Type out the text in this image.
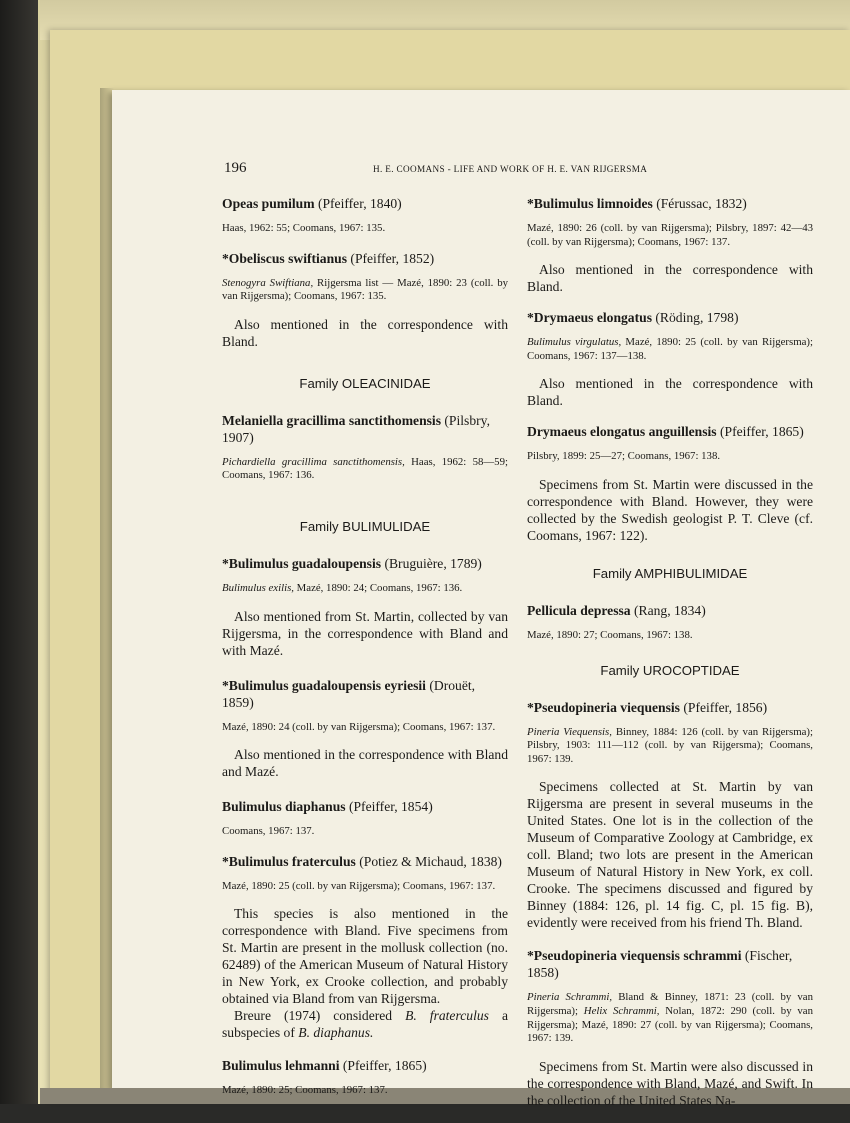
196	H. E. COOMANS - LIFE AND WORK OF H. E. VAN RIJGERSMA
Opeas pumilum (Pfeiffer, 1840)
Haas, 1962: 55; Coomans, 1967: 135.
*Obeliscus swiftianus (Pfeiffer, 1852)
Stenogyra Swiftiana, Rijgersma list — Mazé, 1890: 23 (coll. by van Rijgersma); Coomans, 1967: 135.
Also mentioned in the correspondence with Bland.
Family OLEACINIDAE
Melaniella gracillima sanctithomensis (Pilsbry, 1907)
Pichardiella gracillima sanctithomensis, Haas, 1962: 58—59; Coomans, 1967: 136.
Family BULIMULIDAE
*Bulimulus guadaloupensis (Bruguière, 1789)
Bulimulus exilis, Mazé, 1890: 24; Coomans, 1967: 136.
Also mentioned from St. Martin, collected by van Rijgersma, in the correspondence with Bland and with Mazé.
*Bulimulus guadaloupensis eyriesii (Drouët, 1859)
Mazé, 1890: 24 (coll. by van Rijgersma); Coomans, 1967: 137.
Also mentioned in the correspondence with Bland and Mazé.
Bulimulus diaphanus (Pfeiffer, 1854)
Coomans, 1967: 137.
*Bulimulus fraterculus (Potiez & Michaud, 1838)
Mazé, 1890: 25 (coll. by van Rijgersma); Coomans, 1967: 137.
This species is also mentioned in the correspondence with Bland. Five specimens from St. Martin are present in the mollusk collection (no. 62489) of the American Museum of Natural History in New York, ex Crooke collection, and probably obtained via Bland from van Rijgersma.
Breure (1974) considered B. fraterculus a subspecies of B. diaphanus.
Bulimulus lehmanni (Pfeiffer, 1865)
Mazé, 1890: 25; Coomans, 1967: 137.
*Bulimulus limnoides (Férussac, 1832)
Mazé, 1890: 26 (coll. by van Rijgersma); Pilsbry, 1897: 42—43 (coll. by van Rijgersma); Coomans, 1967: 137.
Also mentioned in the correspondence with Bland.
*Drymaeus elongatus (Röding, 1798)
Bulimulus virgulatus, Mazé, 1890: 25 (coll. by van Rijgersma); Coomans, 1967: 137—138.
Also mentioned in the correspondence with Bland.
Drymaeus elongatus anguillensis (Pfeiffer, 1865)
Pilsbry, 1899: 25—27; Coomans, 1967: 138.
Specimens from St. Martin were discussed in the correspondence with Bland. However, they were collected by the Swedish geologist P. T. Cleve (cf. Coomans, 1967: 122).
Family AMPHIBULIMIDAE
Pellicula depressa (Rang, 1834)
Mazé, 1890: 27; Coomans, 1967: 138.
Family UROCOPTIDAE
*Pseudopineria viequensis (Pfeiffer, 1856)
Pineria Viequensis, Binney, 1884: 126 (coll. by van Rijgersma); Pilsbry, 1903: 111—112 (coll. by van Rijgersma); Coomans, 1967: 139.
Specimens collected at St. Martin by van Rijgersma are present in several museums in the United States. One lot is in the collection of the Museum of Comparative Zoology at Cambridge, ex coll. Bland; two lots are present in the American Museum of Natural History in New York, ex coll. Crooke. The specimens discussed and figured by Binney (1884: 126, pl. 14 fig. C, pl. 15 fig. B), evidently were received from his friend Th. Bland.
*Pseudopineria viequensis schrammi (Fischer, 1858)
Pineria Schrammi, Bland & Binney, 1871: 23 (coll. by van Rijgersma); Helix Schrammi, Nolan, 1872: 290 (coll. by van Rijgersma); Mazé, 1890: 27 (coll. by van Rijgersma); Coomans, 1967: 139.
Specimens from St. Martin were also discussed in the correspondence with Bland, Mazé, and Swift. In the collection of the United States Na-
